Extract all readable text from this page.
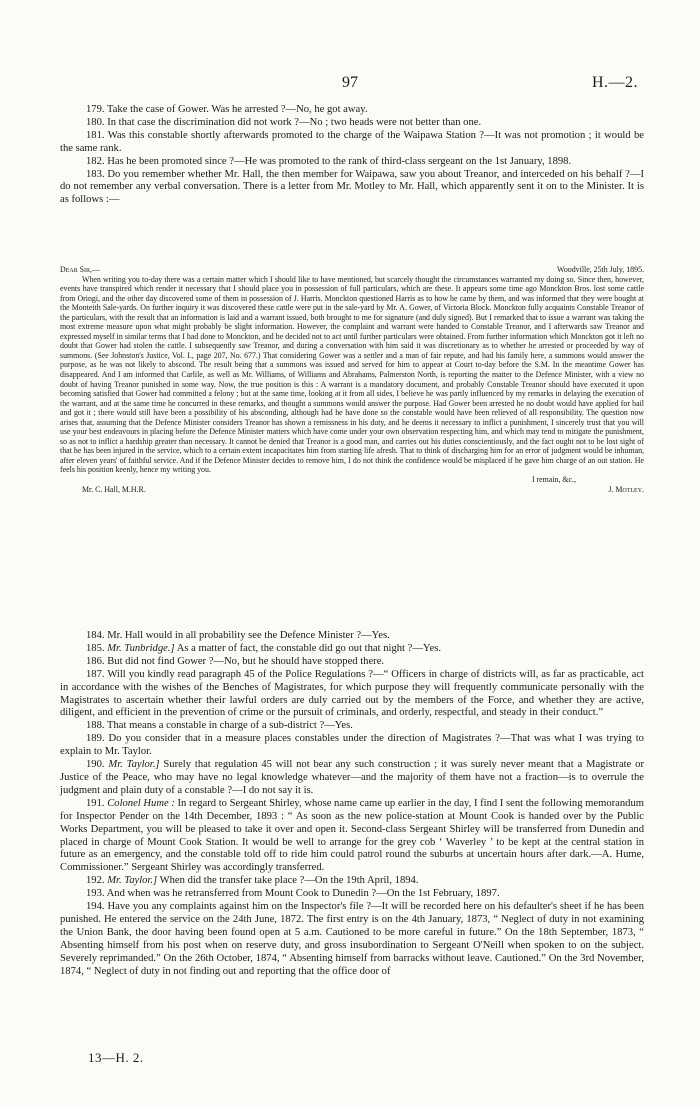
97	H.—2.

179. Take the case of Gower. Was he arrested ?—No, he got away.

180. In that case the discrimination did not work ?—No ; two heads were not better than one.

181. Was this constable shortly afterwards promoted to the charge of the Waipawa Station ?—It was not promotion ; it would be the same rank.

182. Has he been promoted since ?—He was promoted to the rank of third-class sergeant on the 1st January, 1898.

183. Do you remember whether Mr. Hall, the then member for Waipawa, saw you about Treanor, and interceded on his behalf ?—I do not remember any verbal conversation. There is a letter from Mr. Motley to Mr. Hall, which apparently sent it on to the Minister. It is as follows :—

Dear Sir,—	Woodville, 25th July, 1895.

When writing you to-day there was a certain matter which I should like to have mentioned, but scarcely thought the circumstances warranted my doing so. Since then, however, events have transpired which render it necessary that I should place you in possession of full particulars, which are these. It appears some time ago Monckton Bros. lost some cattle from Oringi, and the other day discovered some of them in possession of J. Harris. Monckton questioned Harris as to how he came by them, and was informed that they were bought at the Monteith Sale-yards. On further inquiry it was discovered these cattle were put in the sale-yard by Mr. A. Gower, of Victoria Block. Monckton fully acquaints Constable Treanor of the particulars, with the result that an information is laid and a warrant issued, both brought to me for signature (and duly signed). But I remarked that to issue a warrant was taking the most extreme measure upon what might probably be slight information. However, the complaint and warrant were handed to Constable Treanor, and I afterwards saw Treanor and expressed myself in similar terms that I had done to Monckton, and he decided not to act until further particulars were obtained. From further information which Monckton got it left no doubt that Gower had stolen the cattle. I subsequently saw Treanor, and during a conversation with him said it was discretionary as to whether he arrested or proceeded by way of summons. (See Johnston's Justice, Vol. I., page 207, No. 677.) That considering Gower was a settler and a man of fair repute, and had his family here, a summons would answer the purpose, as he was not likely to abscond. The result being that a summons was issued and served for him to appear at Court to-day before the S.M. In the meantime Gower has disappeared. And I am informed that Carlile, as well as Mr. Williams, of Williams and Abrahams, Palmerston North, is reporting the matter to the Defence Minister, with a view no doubt of having Treanor punished in some way. Now, the true position is this : A warrant is a mandatory document, and probably Constable Treanor should have executed it upon becoming satisfied that Gower had committed a felony ; but at the same time, looking at it from all sides, I believe he was partly influenced by my remarks in delaying the execution of the warrant, and at the same time he concurred in these remarks, and thought a summons would answer the purpose. Had Gower been arrested he no doubt would have applied for bail and got it ; there would still have been a possibility of his absconding, although had he have done so the constable would have been relieved of all responsibility. The question now arises that, assuming that the Defence Minister considers Treanor has shown a remissness in his duty, and he deems it necessary to inflict a punishment, I sincerely trust that you will use your best endeavours in placing before the Defence Minister matters which have come under your own observation respecting him, and which may tend to mitigate the punishment, so as not to inflict a hardship greater than necessary. It cannot be denied that Treanor is a good man, and carries out his duties conscientiously, and the fact ought not to be lost sight of that he has been injured in the service, which to a certain extent incapacitates him from starting life afresh. That to think of discharging him for an error of judgment would be inhuman, after eleven years' of faithful service. And if the Defence Minister decides to remove him, I do not think the confidence would be misplaced if he gave him charge of an out station. He feels his position keenly, hence my writing you.

I remain, &c.,
Mr. C. Hall, M.H.R.	J. Motley.

184. Mr. Hall would in all probability see the Defence Minister ?—Yes.

185. Mr. Tunbridge.] As a matter of fact, the constable did go out that night ?—Yes.

186. But did not find Gower ?—No, but he should have stopped there.

187. Will you kindly read paragraph 45 of the Police Regulations ?—“ Officers in charge of districts will, as far as practicable, act in accordance with the wishes of the Benches of Magistrates, for which purpose they will frequently communicate personally with the Magistrates to ascertain whether their lawful orders are duly carried out by the members of the Force, and whether they are active, diligent, and efficient in the prevention of crime or the pursuit of criminals, and orderly, respectful, and steady in their conduct.”

188. That means a constable in charge of a sub-district ?—Yes.

189. Do you consider that in a measure places constables under the direction of Magistrates ?—That was what I was trying to explain to Mr. Taylor.

190. Mr. Taylor.] Surely that regulation 45 will not bear any such construction ; it was surely never meant that a Magistrate or Justice of the Peace, who may have no legal knowledge whatever—and the majority of them have not a fraction—is to overrule the judgment and plain duty of a constable ?—I do not say it is.

191. Colonel Hume : In regard to Sergeant Shirley, whose name came up earlier in the day, I find I sent the following memorandum for Inspector Pender on the 14th December, 1893 : “ As soon as the new police-station at Mount Cook is handed over by the Public Works Department, you will be pleased to take it over and open it. Second-class Sergeant Shirley will be transferred from Dunedin and placed in charge of Mount Cook Station. It would be well to arrange for the grey cob ‘ Waverley ’ to be kept at the central station in future as an emergency, and the constable told off to ride him could patrol round the suburbs at uncertain hours after dark.—A. Hume, Commissioner.” Sergeant Shirley was accordingly transferred.

192. Mr. Taylor.] When did the transfer take place ?—On the 19th April, 1894.

193. And when was he retransferred from Mount Cook to Dunedin ?—On the 1st February, 1897.

194. Have you any complaints against him on the Inspector's file ?—It will be recorded here on his defaulter's sheet if he has been punished. He entered the service on the 24th June, 1872. The first entry is on the 4th January, 1873, “ Neglect of duty in not examining the Union Bank, the door having been found open at 5 a.m. Cautioned to be more careful in future.” On the 18th September, 1873, “ Absenting himself from his post when on reserve duty, and gross insubordination to Sergeant O'Neill when spoken to on the subject. Severely reprimanded.” On the 26th October, 1874, “ Absenting himself from barracks without leave. Cautioned.” On the 3rd November, 1874, “ Neglect of duty in not finding out and reporting that the office door of

13—H. 2.
